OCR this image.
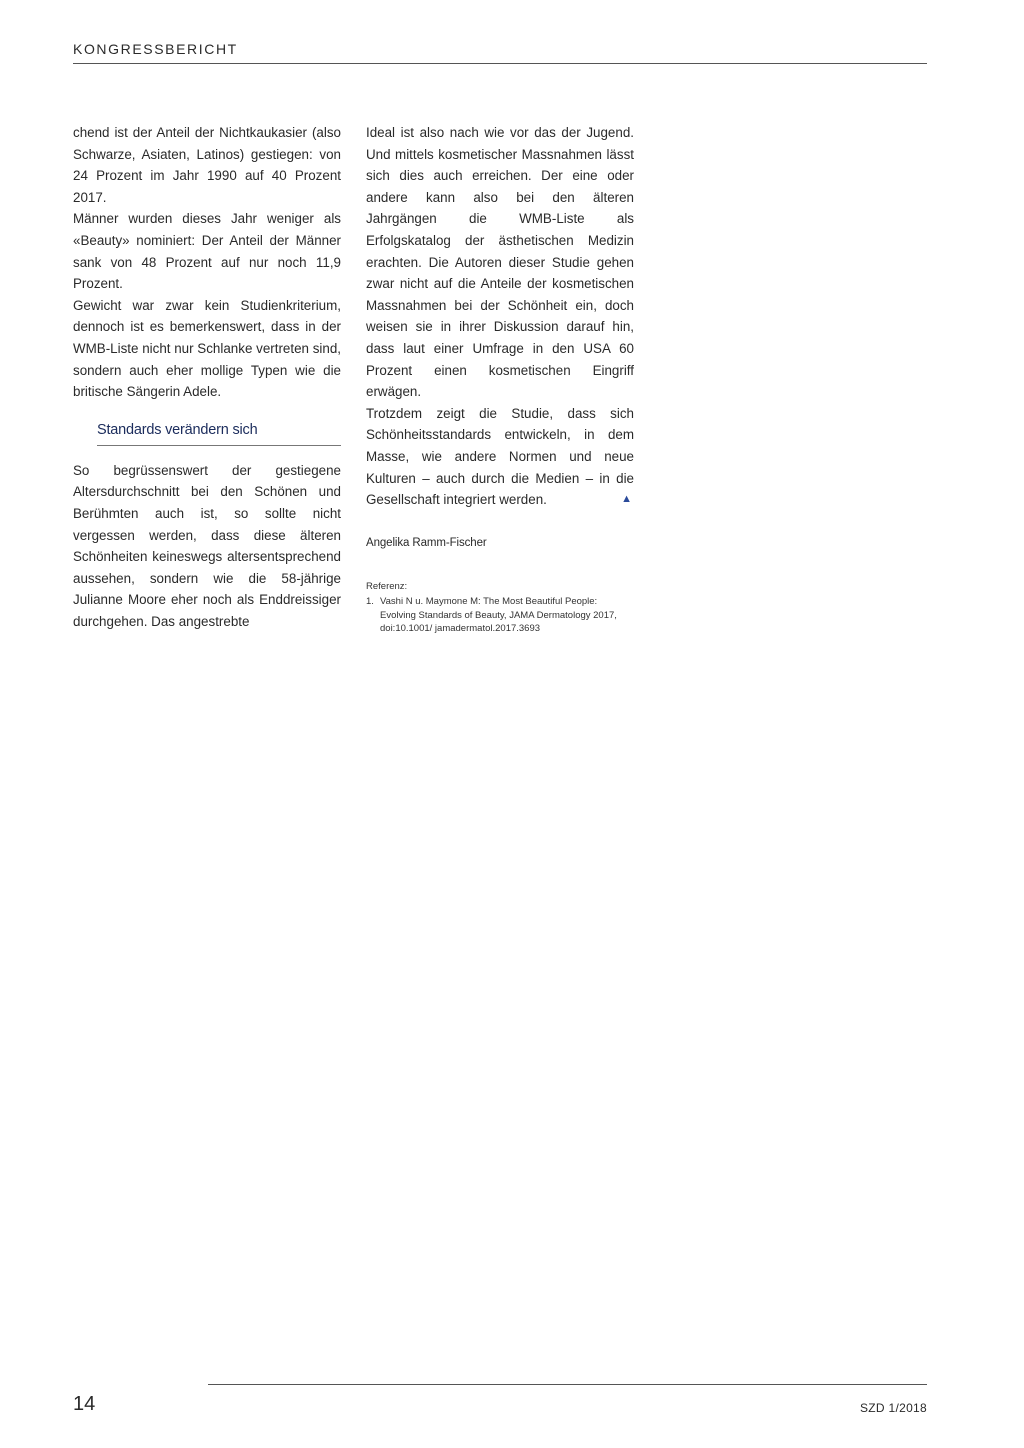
KONGRESSBERICHT

chend ist der Anteil der Nichtkaukasier (also Schwarze, Asiaten, Latinos) gestiegen: von 24 Prozent im Jahr 1990 auf 40 Prozent 2017.

Männer wurden dieses Jahr weniger als «Beauty» nominiert: Der Anteil der Männer sank von 48 Prozent auf nur noch 11,9 Prozent.

Gewicht war zwar kein Studienkriterium, dennoch ist es bemerkenswert, dass in der WMB-Liste nicht nur Schlanke vertreten sind, sondern auch eher mollige Typen wie die britische Sängerin Adele.

Standards verändern sich

So begrüssenswert der gestiegene Altersdurchschnitt bei den Schönen und Berühmten auch ist, so sollte nicht vergessen werden, dass diese älteren Schönheiten keineswegs altersentsprechend aussehen, sondern wie die 58-jährige Julianne Moore eher noch als Enddreissiger durchgehen. Das angestrebte

Ideal ist also nach wie vor das der Jugend. Und mittels kosmetischer Massnahmen lässt sich dies auch erreichen. Der eine oder andere kann also bei den älteren Jahrgängen die WMB-Liste als Erfolgskatalog der ästhetischen Medizin erachten. Die Autoren dieser Studie gehen zwar nicht auf die Anteile der kosmetischen Massnahmen bei der Schönheit ein, doch weisen sie in ihrer Diskussion darauf hin, dass laut einer Umfrage in den USA 60 Prozent einen kosmetischen Eingriff erwägen.

Trotzdem zeigt die Studie, dass sich Schönheitsstandards entwickeln, in dem Masse, wie andere Normen und neue Kulturen – auch durch die Medien – in die Gesellschaft integriert werden.	▲

Angelika Ramm-Fischer
Referenz:
1. Vashi N u. Maymone M: The Most Beautiful People: Evolving Standards of Beauty, JAMA Dermatology 2017, doi:10.1001/ jamadermatol.2017.3693
14	SZD 1/2018
